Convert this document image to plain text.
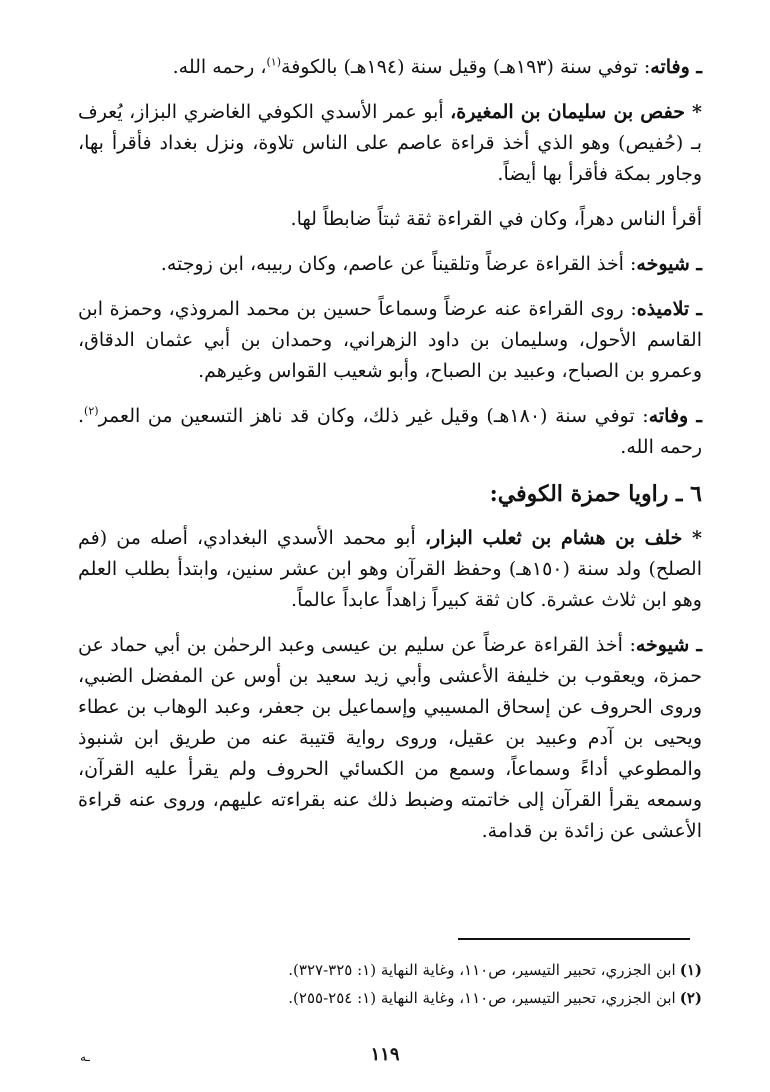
ـ وفاته: توفي سنة (١٩٣هـ) وقيل سنة (١٩٤هـ) بالكوفة$^{(١)}$، رحمه الله.

* حفص بن سليمان بن المغيرة، أبو عمر الأسدي الكوفي الغاضري البزاز، يُعرف بـ (حُفيص) وهو الذي أخذ قراءة عاصم على الناس تلاوة، ونزل بغداد فأقرأ بها، وجاور بمكة فأقرأ بها أيضاً.

أقرأ الناس دهراً، وكان في القراءة ثقة ثبتاً ضابطاً لها.

ـ شيوخه: أخذ القراءة عرضاً وتلقيناً عن عاصم، وكان ربيبه، ابن زوجته.

ـ تلاميذه: روى القراءة عنه عرضاً وسماعاً حسين بن محمد المروذي، وحمزة ابن القاسم الأحول، وسليمان بن داود الزهراني، وحمدان بن أبي عثمان الدقاق، وعمرو بن الصباح، وعبيد بن الصباح، وأبو شعيب القواس وغيرهم.

ـ وفاته: توفي سنة (١٨٠هـ) وقيل غير ذلك، وكان قد ناهز التسعين من العمر$^{(٢)}$. رحمه الله.

٦ ـ راويا حمزة الكوفي:

* خلف بن هشام بن ثعلب البزار، أبو محمد الأسدي البغدادي، أصله من (فم الصلح) ولد سنة (١٥٠هـ) وحفظ القرآن وهو ابن عشر سنين، وابتدأ بطلب العلم وهو ابن ثلاث عشرة. كان ثقة كبيراً زاهداً عابداً عالماً.

ـ شيوخه: أخذ القراءة عرضاً عن سليم بن عيسى وعبد الرحمٰن بن أبي حماد عن حمزة، ويعقوب بن خليفة الأعشى وأبي زيد سعيد بن أوس عن المفضل الضبي، وروى الحروف عن إسحاق المسيبي وإسماعيل بن جعفر، وعبد الوهاب بن عطاء ويحيى بن آدم وعبيد بن عقيل، وروى رواية قتيبة عنه من طريق ابن شنبوذ والمطوعي أداءً وسماعاً، وسمع من الكسائي الحروف ولم يقرأ عليه القرآن، وسمعه يقرأ القرآن إلى خاتمته وضبط ذلك عنه بقراءته عليهم، وروى عنه قراءة الأعشى عن زائدة بن قدامة.

(١)ابن الجزري، تحبير التيسير، ص١١٠، وغاية النهاية (١: ٣٢٥-٣٢٧).
(٢)ابن الجزري، تحبير التيسير، ص١١٠، وغاية النهاية (١: ٢٥٤-٢٥٥).
١١٩
ـه
